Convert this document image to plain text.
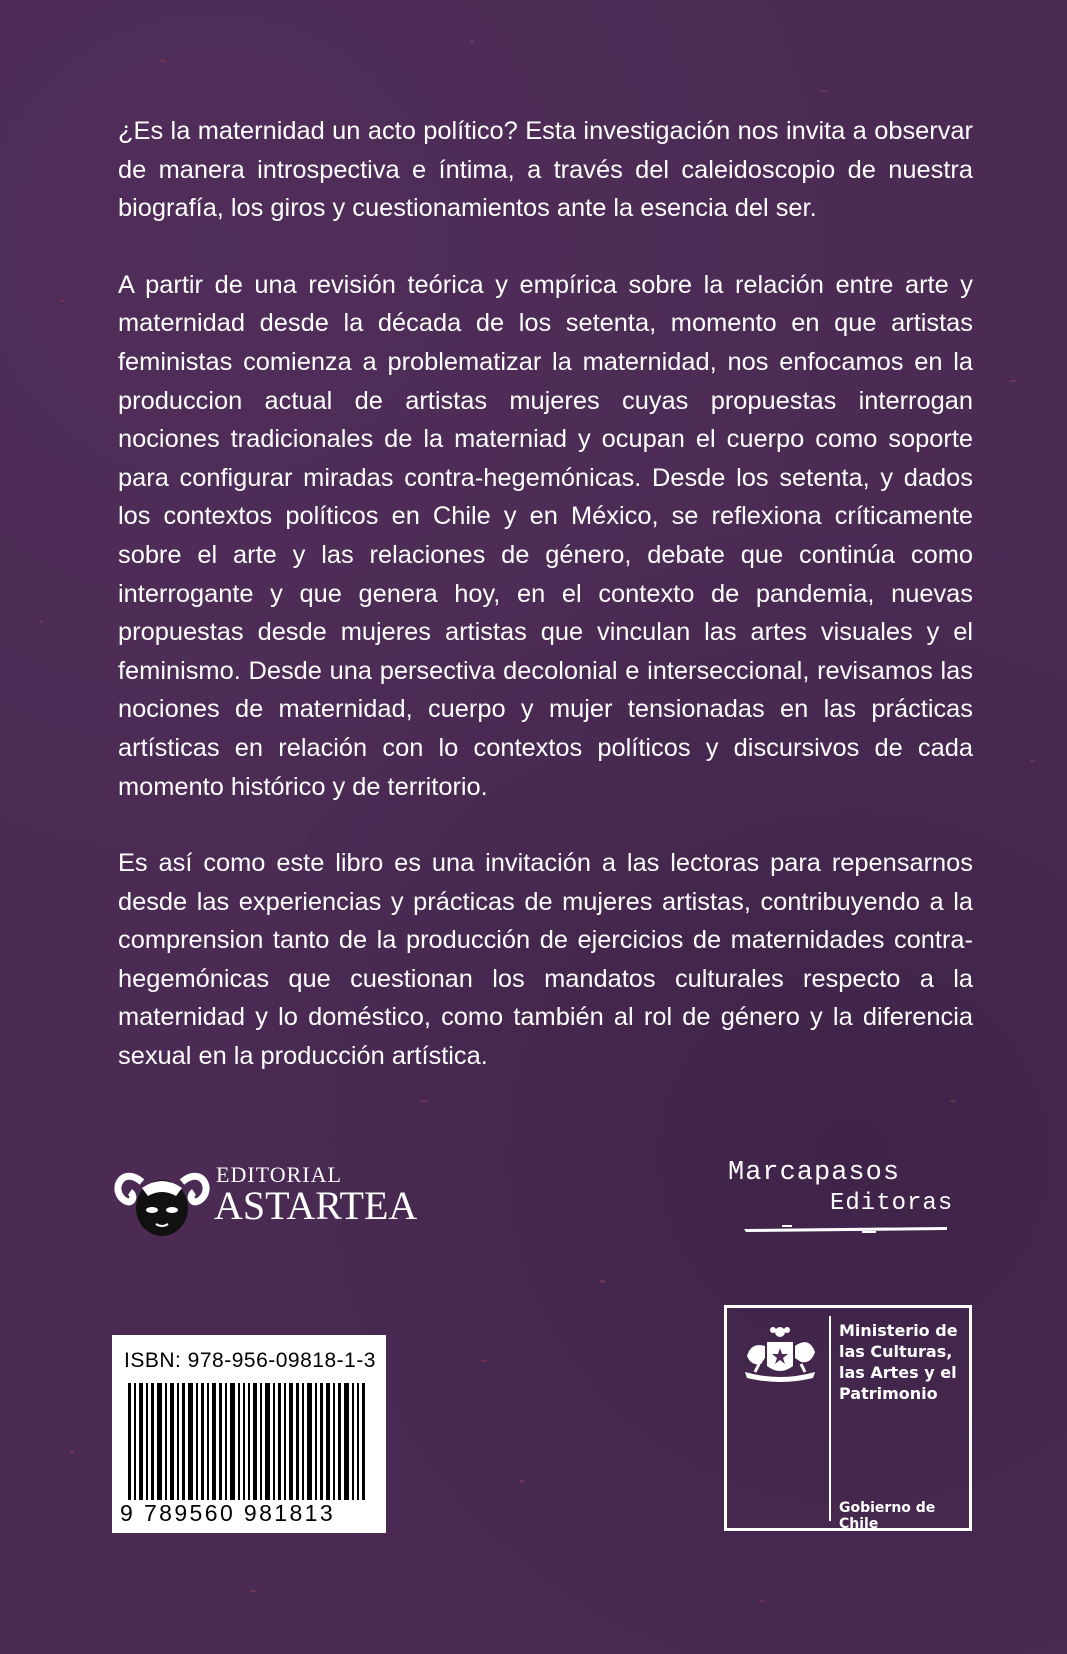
¿Es la maternidad un acto político? Esta investigación nos invita a observar de manera introspectiva e íntima, a través del caleidoscopio de nuestra biografía, los giros y cuestionamientos ante la esencia del ser.

A partir de una revisión teórica y empírica sobre la relación entre arte y maternidad desde la década de los setenta, momento en que artistas feministas comienza a problematizar la maternidad, nos enfocamos en la produccion actual de artistas mujeres cuyas propuestas interrogan nociones tradicionales de la materniad y ocupan el cuerpo como soporte para configurar miradas contra-hegemónicas. Desde los setenta, y dados los contextos políticos en Chile y en México, se reflexiona críticamente sobre el arte y las relaciones de género, debate que continúa como interrogante y que genera hoy, en el contexto de pandemia, nuevas propuestas desde mujeres artistas que vinculan las artes visuales y el feminismo. Desde una persectiva decolonial e interseccional, revisamos las nociones de maternidad, cuerpo y mujer tensionadas en las prácticas artísticas en relación con lo contextos políticos y discursivos de cada momento histórico y de territorio.

Es así como este libro es una invitación a las lectoras para repensarnos desde las experiencias y prácticas de mujeres artistas, contribuyendo a la comprension tanto de la producción de ejercicios de maternidades contra-hegemónicas que cuestionan los mandatos culturales respecto a la maternidad y lo doméstico, como también al rol de género y la diferencia sexual en la producción artística.

EDITORIAL
ASTARTEA
Marcapasos
Editoras
ISBN: 978-956-09818-1-3
9 789560 981813
Ministerio de
las Culturas,
las Artes y el
Patrimonio
Gobierno de Chile
